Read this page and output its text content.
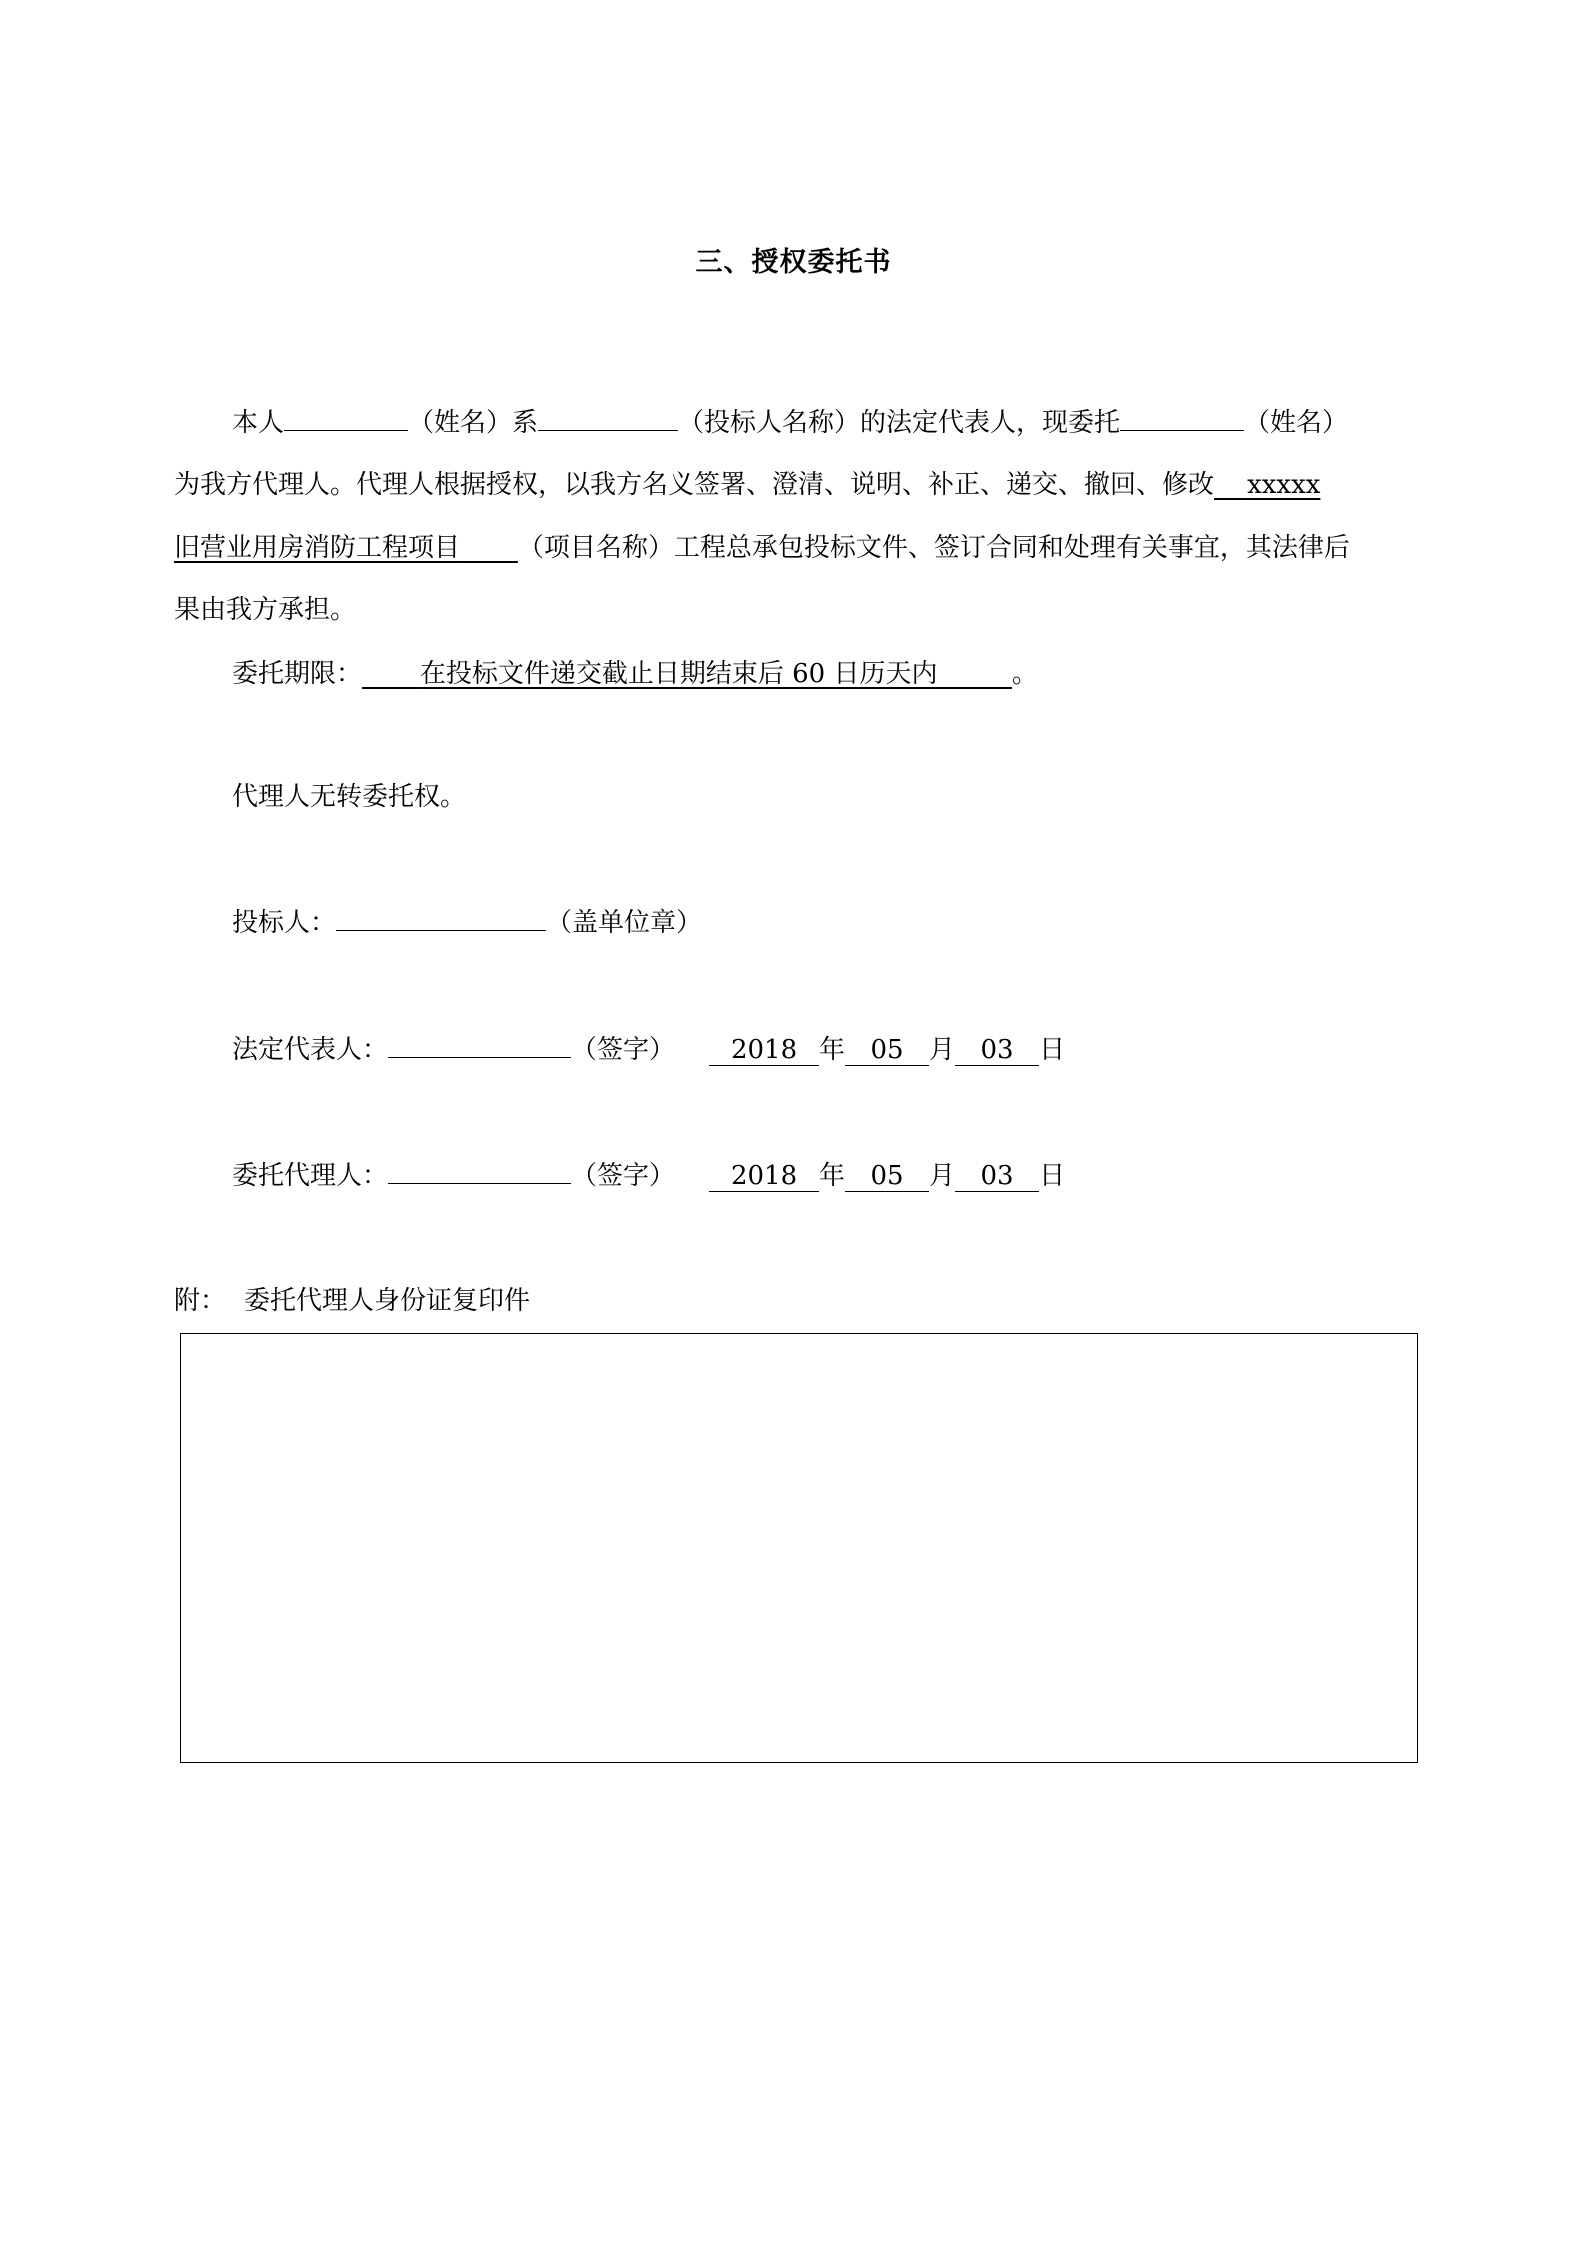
三、授权委托书
本人	（姓名）系	（投标人名称）的法定代表人，现委托	（姓名）
为我方代理人。代理人根据授权，以我方名义签署、澄清、说明、补正、递交、撤回、修改 xxxxx
旧营业用房消防工程项目 （项目名称）工程总承包投标文件、签订合同和处理有关事宜，其法律后
果由我方承担。
委托期限： 在投标文件递交截止日期结束后 60 日历天内	。
代理人无转委托权。
投标人：	（盖单位章）
法定代表人：	（签字） 2018 年 05 月 03 日
委托代理人：	（签字） 2018 年 05 月 03 日
附： 委托代理人身份证复印件
